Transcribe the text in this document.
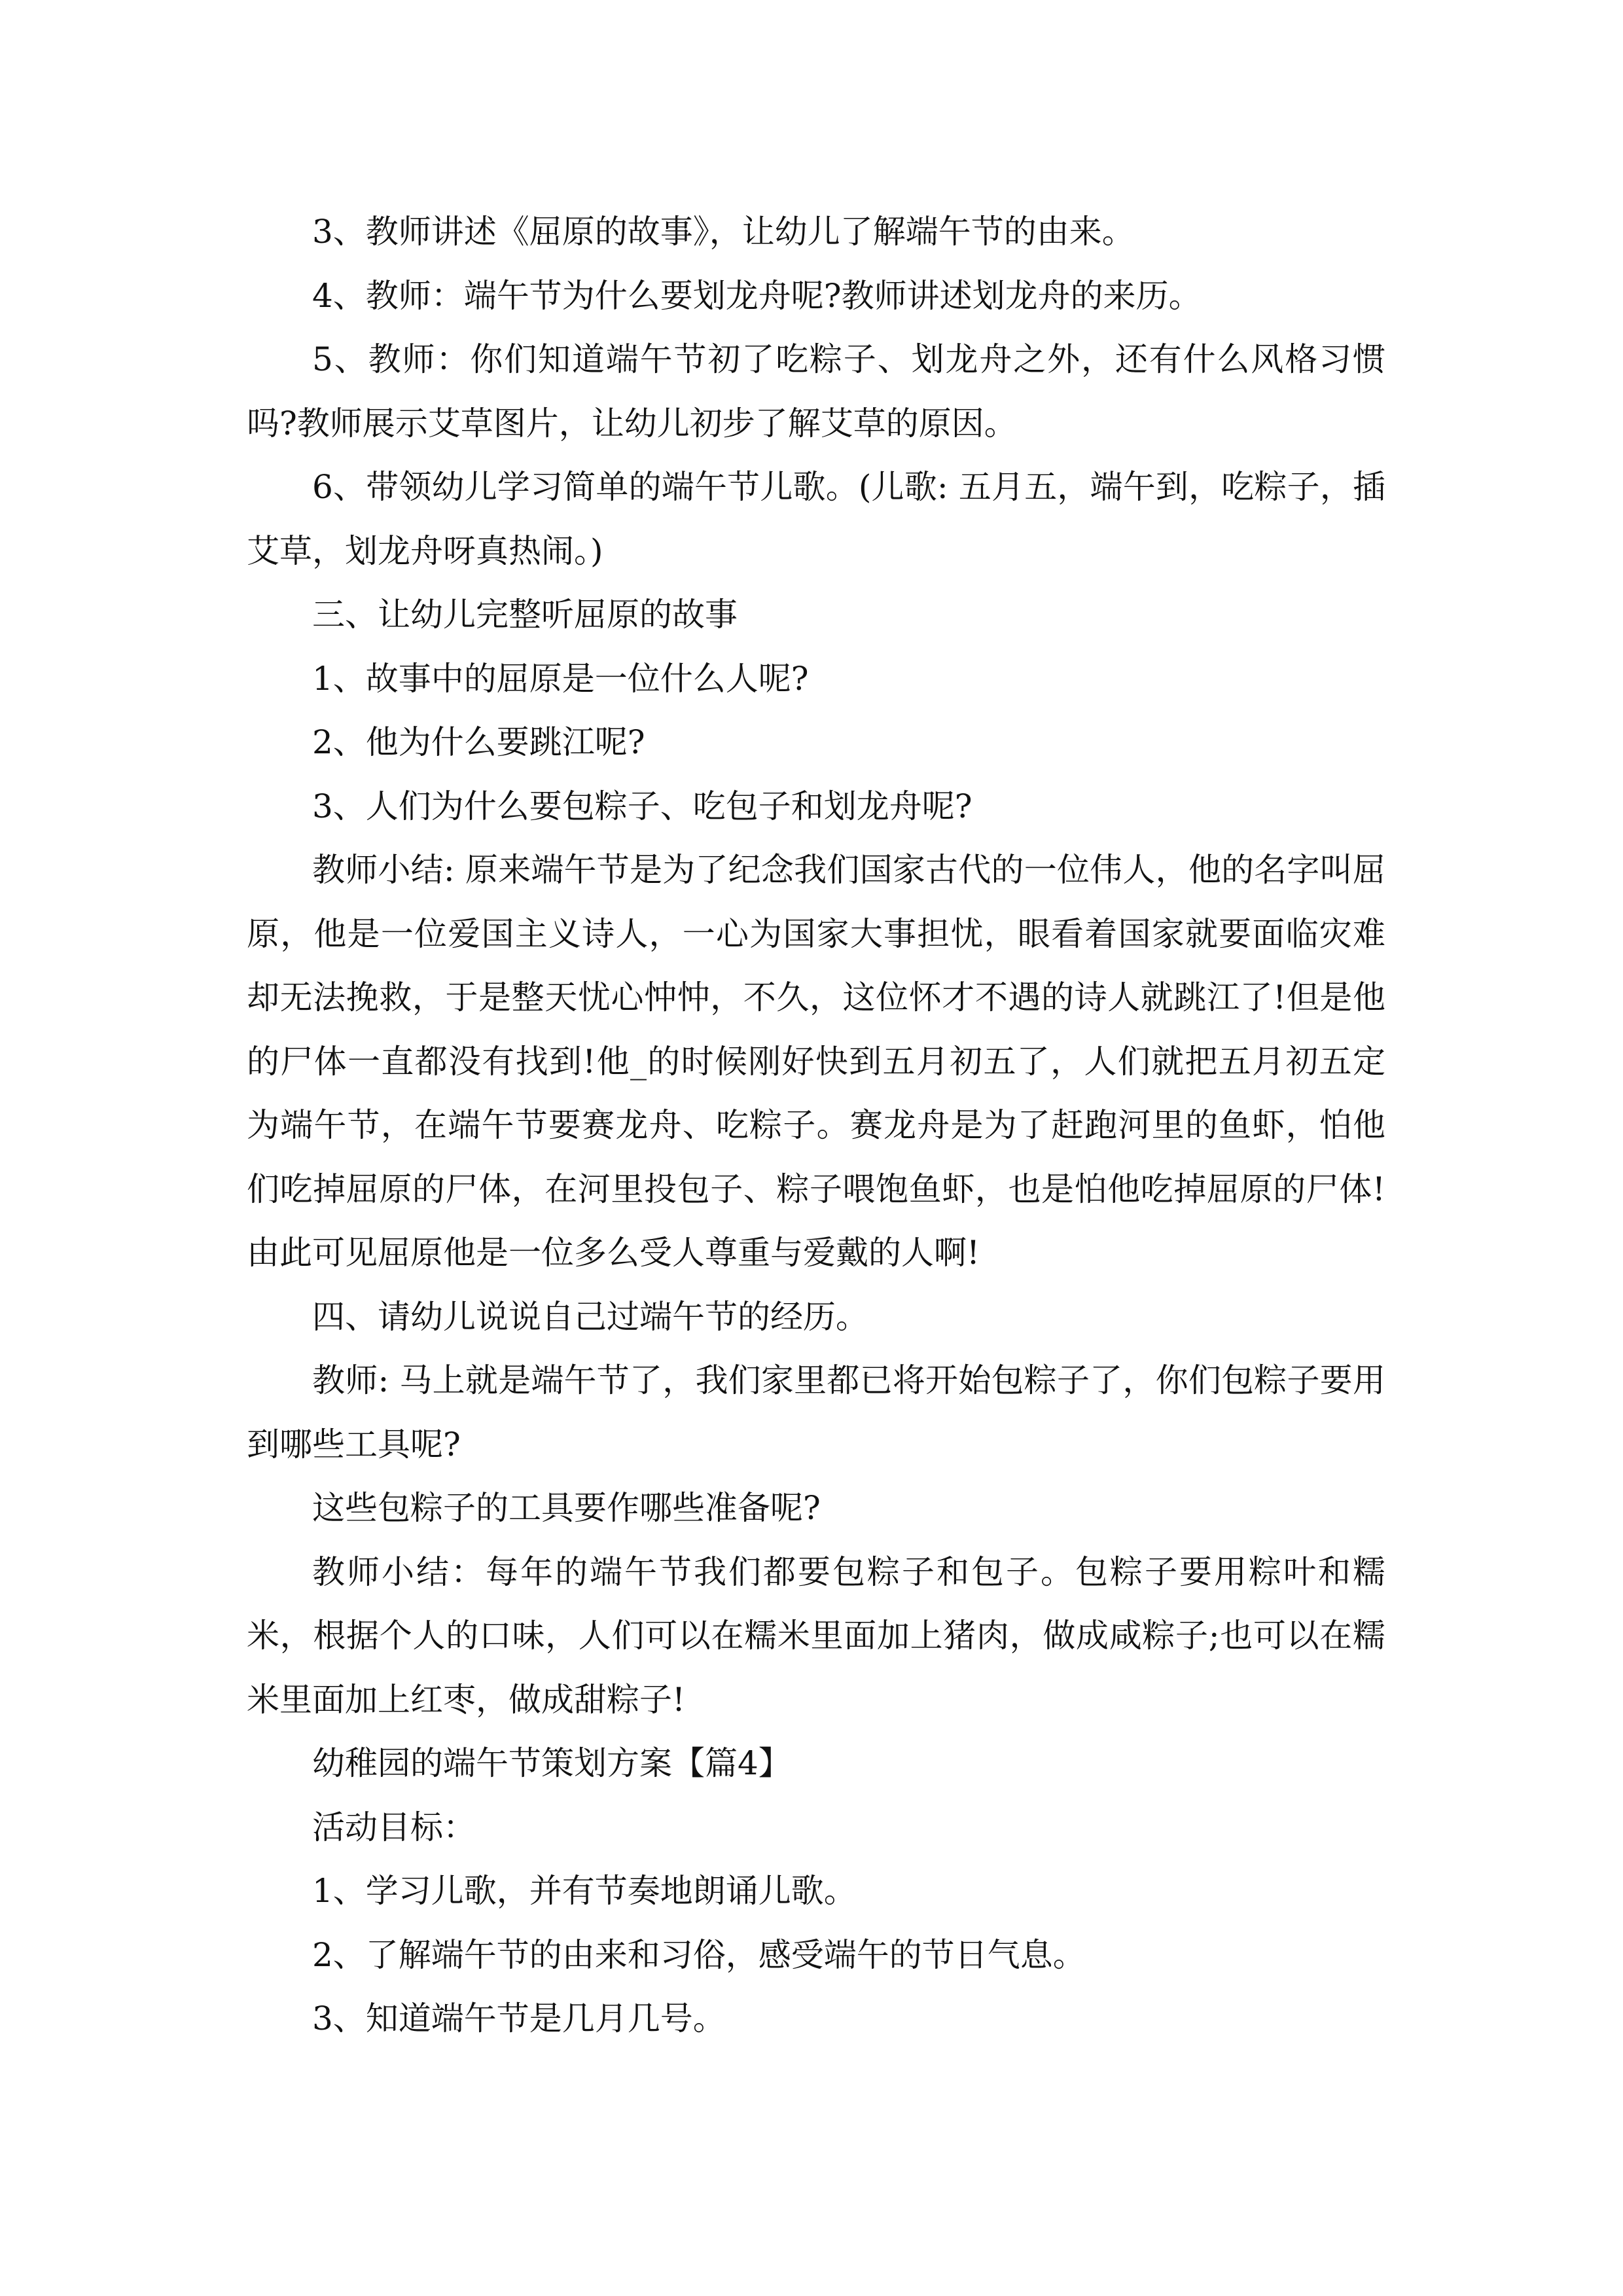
3、教师讲述《屈原的故事》，让幼儿了解端午节的由来。

4、教师：端午节为什么要划龙舟呢?教师讲述划龙舟的来历。

5、教师：你们知道端午节初了吃粽子、划龙舟之外，还有什么风格习惯吗?教师展示艾草图片，让幼儿初步了解艾草的原因。

6、带领幼儿学习简单的端午节儿歌。(儿歌: 五月五，端午到，吃粽子，插艾草，划龙舟呀真热闹。)

三、让幼儿完整听屈原的故事

1、故事中的屈原是一位什么人呢?

2、他为什么要跳江呢?

3、人们为什么要包粽子、吃包子和划龙舟呢?

教师小结: 原来端午节是为了纪念我们国家古代的一位伟人，他的名字叫屈原，他是一位爱国主义诗人，一心为国家大事担忧，眼看着国家就要面临灾难却无法挽救，于是整天忧心忡忡，不久，这位怀才不遇的诗人就跳江了!但是他的尸体一直都没有找到!他_的时候刚好快到五月初五了，人们就把五月初五定为端午节，在端午节要赛龙舟、吃粽子。赛龙舟是为了赶跑河里的鱼虾，怕他们吃掉屈原的尸体，在河里投包子、粽子喂饱鱼虾，也是怕他吃掉屈原的尸体!由此可见屈原他是一位多么受人尊重与爱戴的人啊!

四、请幼儿说说自己过端午节的经历。

教师: 马上就是端午节了，我们家里都已将开始包粽子了，你们包粽子要用到哪些工具呢?

这些包粽子的工具要作哪些准备呢?

教师小结：每年的端午节我们都要包粽子和包子。包粽子要用粽叶和糯米，根据个人的口味，人们可以在糯米里面加上猪肉，做成咸粽子;也可以在糯米里面加上红枣，做成甜粽子!

幼稚园的端午节策划方案【篇4】

活动目标：

1、学习儿歌，并有节奏地朗诵儿歌。

2、了解端午节的由来和习俗，感受端午的节日气息。

3、知道端午节是几月几号。
